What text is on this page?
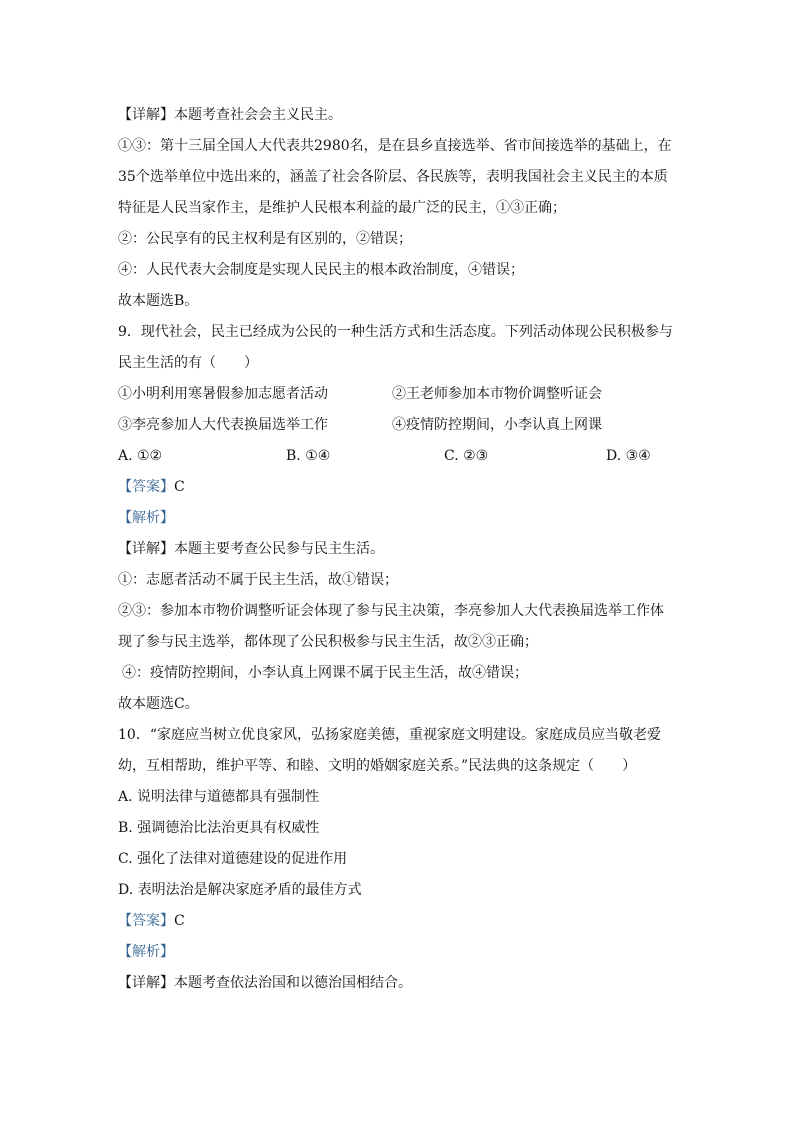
【详解】本题考查社会会主义民主。
①③：第十三届全国人大代表共2980名，是在县乡直接选举、省市间接选举的基础上，在
35个选举单位中选出来的，涵盖了社会各阶层、各民族等，表明我国社会主义民主的本质
特征是人民当家作主，是维护人民根本利益的最广泛的民主，①③正确；
②：公民享有的民主权利是有区别的，②错误；
④：人民代表大会制度是实现人民民主的根本政治制度，④错误；
故本题选B。
9．现代社会，民主已经成为公民的一种生活方式和生活态度。下列活动体现公民积极参与
民主生活的有（　　）
①小明利用寒暑假参加志愿者活动	②王老师参加本市物价调整听证会
③李亮参加人大代表换届选举工作	④疫情防控期间，小李认真上网课
A. ①②	B. ①④	C. ②③	D. ③④
【答案】C
【解析】
【详解】本题主要考查公民参与民主生活。
①：志愿者活动不属于民主生活，故①错误；
②③：参加本市物价调整听证会体现了参与民主决策，李亮参加人大代表换届选举工作体
现了参与民主选举，都体现了公民积极参与民主生活，故②③正确；
④：疫情防控期间，小李认真上网课不属于民主生活，故④错误；
故本题选C。
10．“家庭应当树立优良家风，弘扬家庭美德，重视家庭文明建设。家庭成员应当敬老爱
幼，互相帮助，维护平等、和睦、文明的婚姻家庭关系。”民法典的这条规定（　　）
A. 说明法律与道德都具有强制性
B. 强调德治比法治更具有权威性
C. 强化了法律对道德建设的促进作用
D. 表明法治是解决家庭矛盾的最佳方式
【答案】C
【解析】
【详解】本题考查依法治国和以德治国相结合。
